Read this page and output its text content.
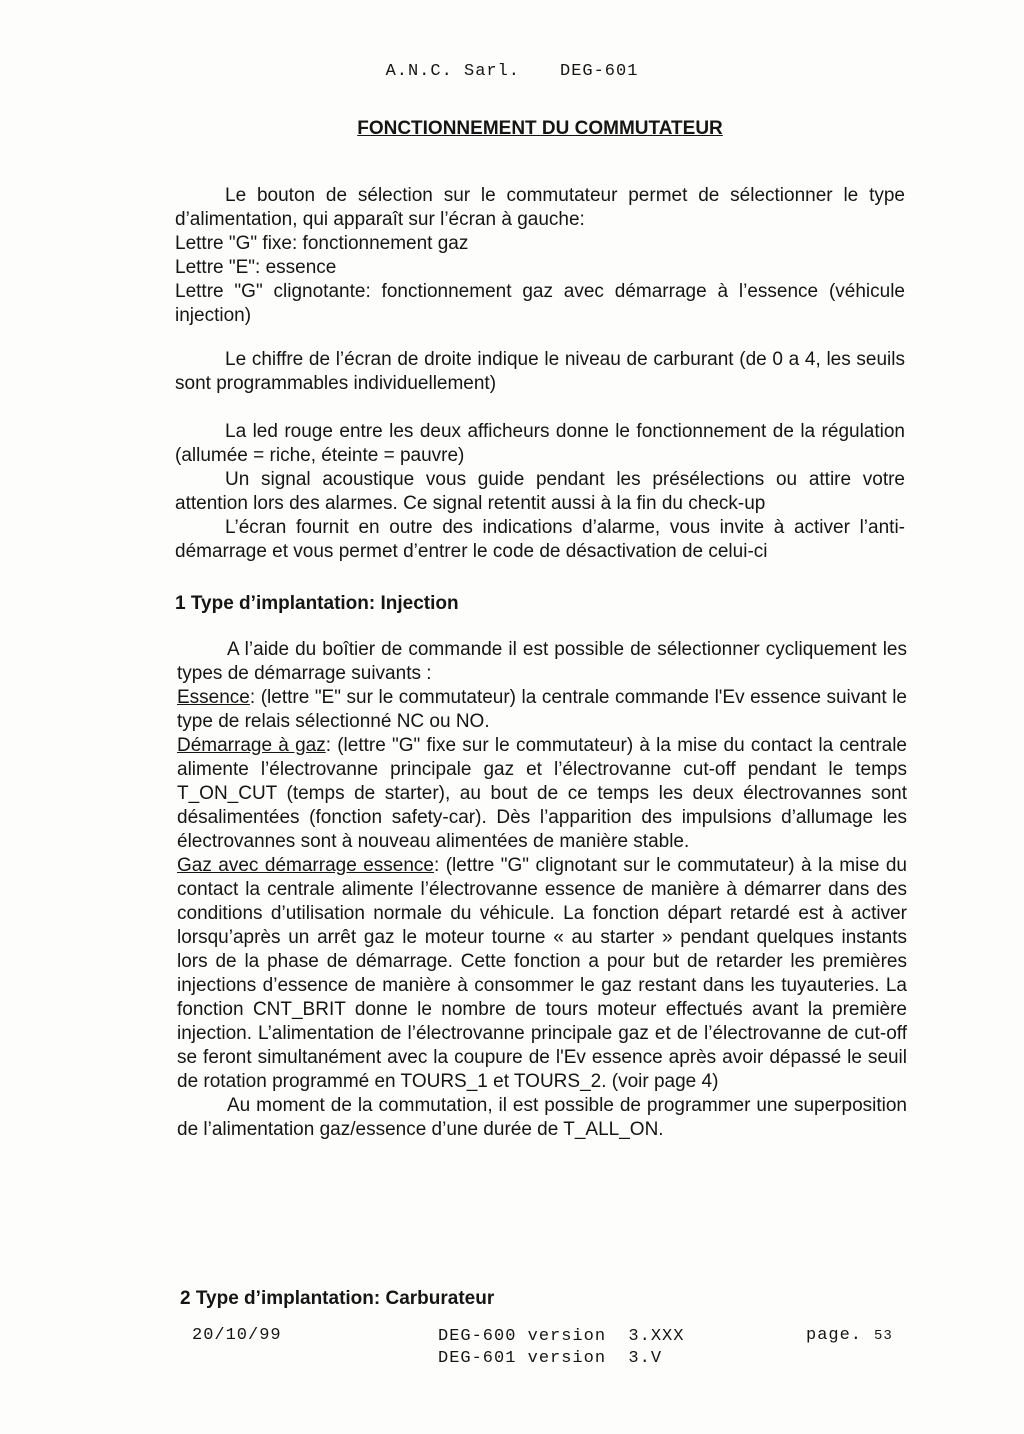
A.N.C. Sarl. DEG-601
FONCTIONNEMENT DU COMMUTATEUR

Le bouton de sélection sur le commutateur permet de sélectionner le type d’alimentation, qui apparaît sur l’écran à gauche:

Lettre "G" fixe: fonctionnement gaz

Lettre "E": essence

Lettre "G" clignotante: fonctionnement gaz avec démarrage à l’essence (véhicule injection)

Le chiffre de l’écran de droite indique le niveau de carburant (de 0 a 4, les seuils sont programmables individuellement)

La led rouge entre les deux afficheurs donne le fonctionnement de la régulation (allumée = riche, éteinte = pauvre)

Un signal acoustique vous guide pendant les présélections ou attire votre attention lors des alarmes. Ce signal retentit aussi à la fin du check-up

L’écran fournit en outre des indications d’alarme, vous invite à activer l’anti-démarrage et vous permet d’entrer le code de désactivation de celui-ci

1 Type d’implantation: Injection

A l’aide du boîtier de commande il est possible de sélectionner cycliquement les types de démarrage suivants :

Essence: (lettre "E" sur le commutateur) la centrale commande l'Ev essence suivant le type de relais sélectionné NC ou NO.

Démarrage à gaz: (lettre "G" fixe sur le commutateur) à la mise du contact la centrale alimente l’électrovanne principale gaz et l’électrovanne cut-off pendant le temps T_ON_CUT (temps de starter), au bout de ce temps les deux électrovannes sont désalimentées (fonction safety-car). Dès l’apparition des impulsions d’allumage les électrovannes sont à nouveau alimentées de manière stable.

Gaz avec démarrage essence: (lettre "G" clignotant sur le commutateur) à la mise du contact la centrale alimente l’électrovanne essence de manière à démarrer dans des conditions d’utilisation normale du véhicule. La fonction départ retardé est à activer lorsqu’après un arrêt gaz le moteur tourne « au starter » pendant quelques instants lors de la phase de démarrage. Cette fonction a pour but de retarder les premières injections d’essence de manière à consommer le gaz restant dans les tuyauteries. La fonction CNT_BRIT donne le nombre de tours moteur effectués avant la première injection. L’alimentation de l’électrovanne principale gaz et de l’électrovanne de cut-off se feront simultanément avec la coupure de l'Ev essence après avoir dépassé le seuil de rotation programmé en TOURS_1 et TOURS_2. (voir page 4)

Au moment de la commutation, il est possible de programmer une superposition de l’alimentation gaz/essence d’une durée de T_ALL_ON.

2 Type d’implantation: Carburateur
20/10/99	DEG-600 version  3.XXX
DEG-601 version  3.V
page. 53
